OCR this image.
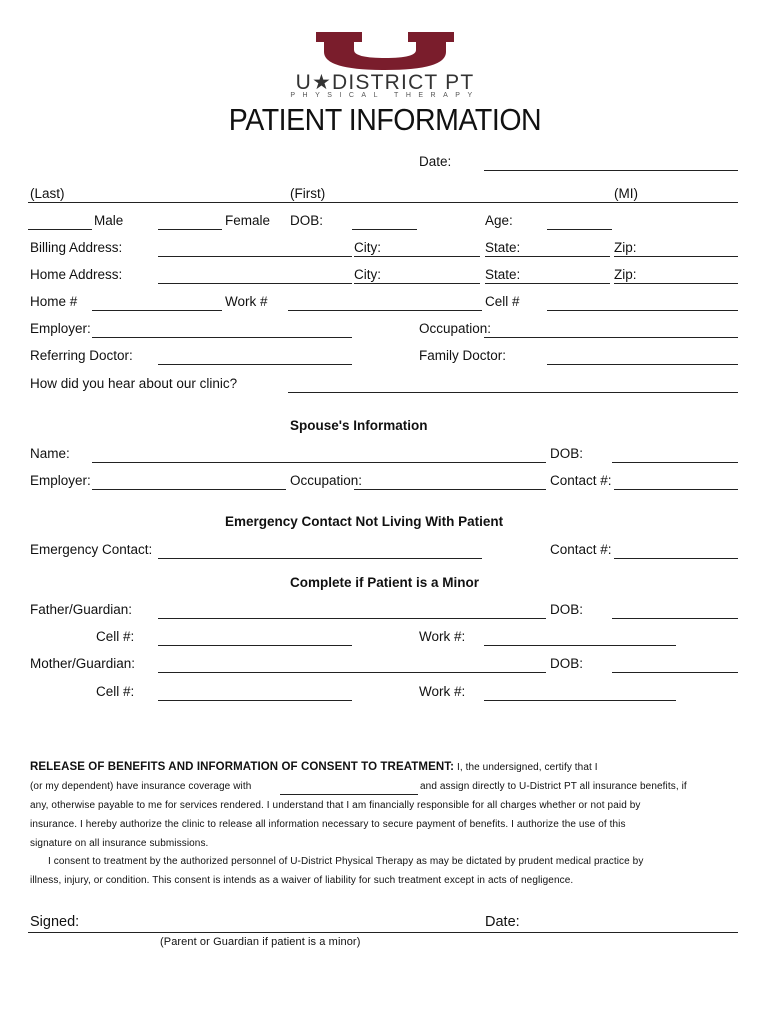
U★DISTRICT PT
PHYSICAL THERAPY
PATIENT INFORMATION
Date:
(Last)	(First)	(MI)
Male	Female DOB:	Age:
Billing Address:	City:	State:	Zip:
Home Address:	City:	State:	Zip:
Home #	Work #	Cell #
Employer:	Occupation:
Referring Doctor:	Family Doctor:
How did you hear about our clinic?
Spouse's Information
Name:	DOB:
Employer:	Occupation:	Contact #:
Emergency Contact Not Living With Patient
Emergency Contact:	Contact #:
Complete if Patient is a Minor
Father/Guardian:	DOB:
Cell #:	Work #:
Mother/Guardian:	DOB:
Cell #:	Work #:
RELEASE OF BENEFITS AND INFORMATION OF CONSENT TO TREATMENT: I, the undersigned, certify that I
(or my dependent) have insurance coverage with	and assign directly to U-District PT all insurance benefits, if
any, otherwise payable to me for services rendered. I understand that I am financially responsible for all charges whether or not paid by
insurance. I hereby authorize the clinic to release all information necessary to secure payment of benefits. I authorize the use of this
signature on all insurance submissions.
I consent to treatment by the authorized personnel of U-District Physical Therapy as may be dictated by prudent medical practice by
illness, injury, or condition. This consent is intends as a waiver of liability for such treatment except in acts of negligence.
Signed:	Date:
(Parent or Guardian if patient is a minor)
